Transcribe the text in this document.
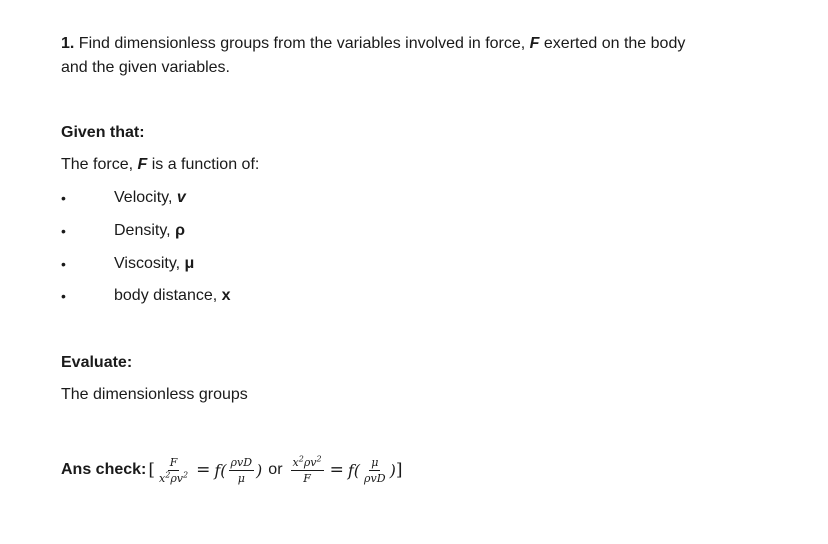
1. Find dimensionless groups from the variables involved in force, F exerted on the body
and the given variables.
Given that:
The force, F is a function of:
•	Velocity, v
•	Density, ρ
•	Viscosity, μ
•	body distance, x
Evaluate:
The dimensionless groups
Ans check: [ $\frac{F}{x^2\rho v^2} = f( \frac{\text{ρvD}}{\mu}$ ) or $\frac{x^2\rho v^2}{F} = f( \frac{\mu}{\text{ρvD}}$ ) ]
